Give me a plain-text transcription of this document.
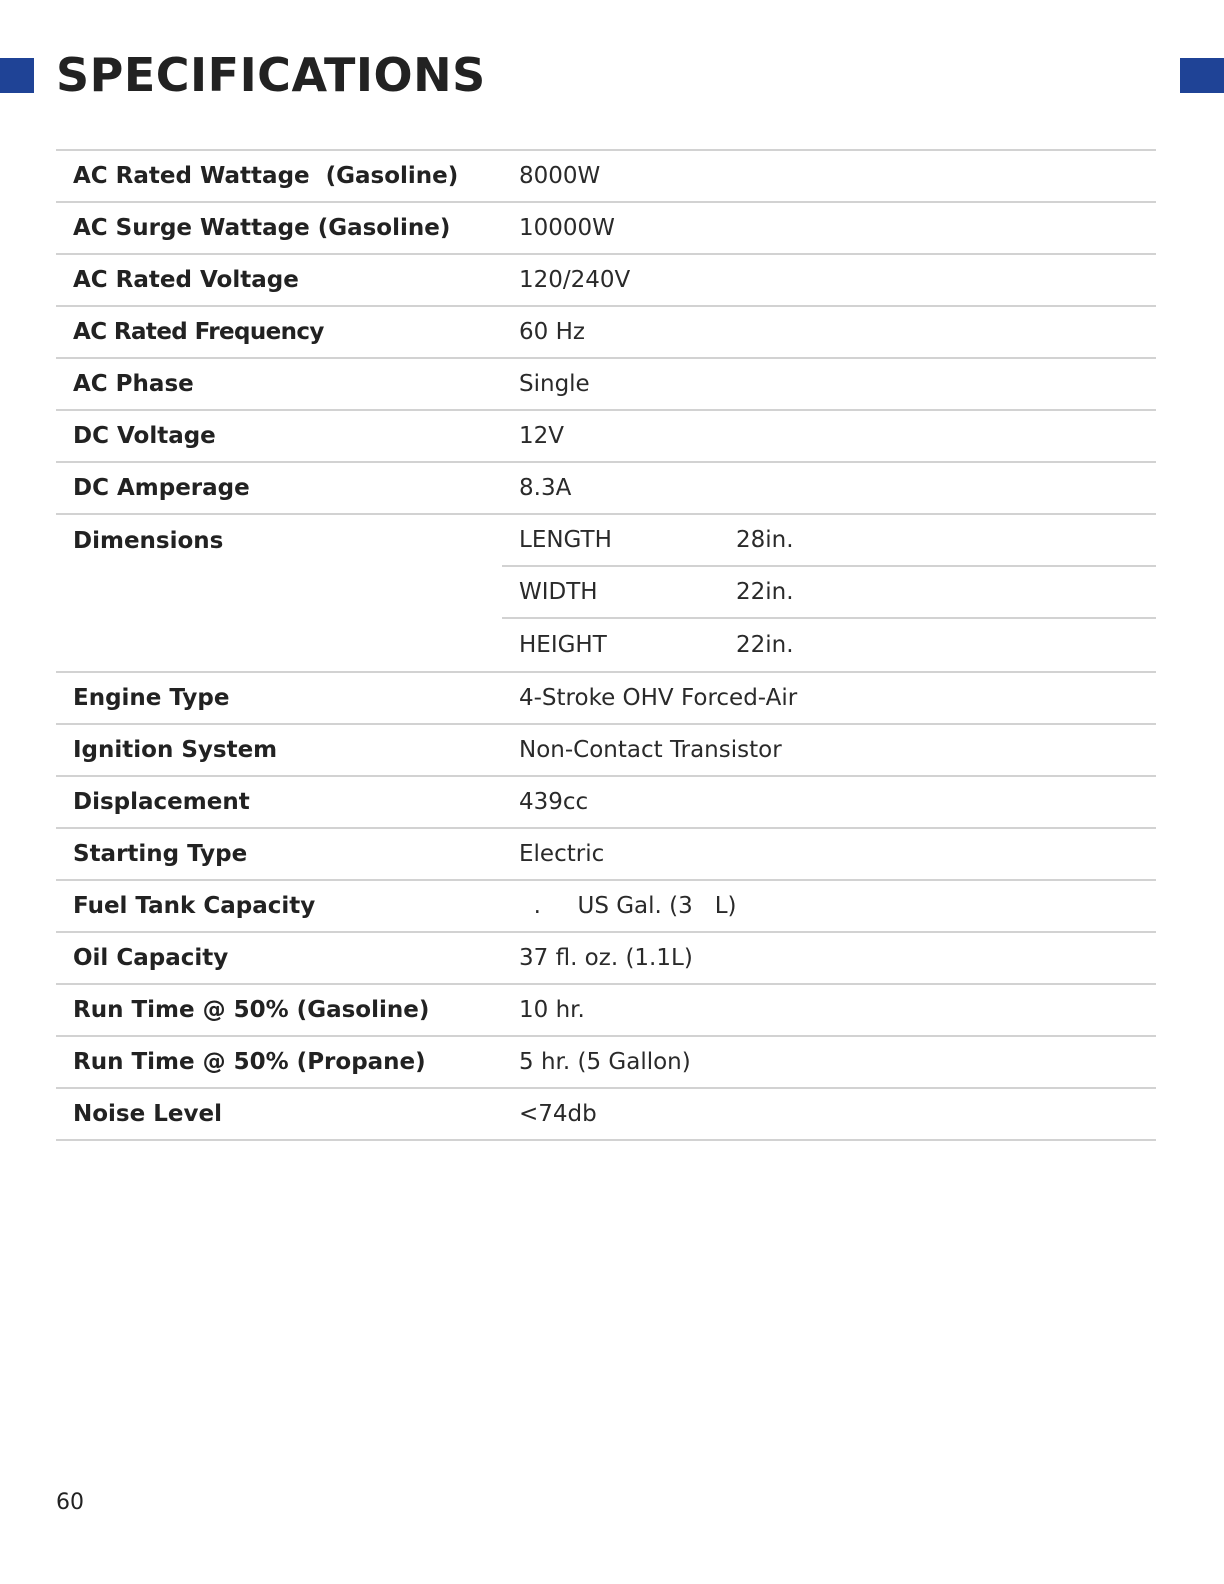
SPECIFICATIONS
AC Rated Wattage  (Gasoline)	8000W
AC Surge Wattage (Gasoline)	10000W
AC Rated Voltage	120/240V
AC Rated Frequency	60 Hz
AC Phase	Single
DC Voltage	12V
DC Amperage	8.3A
Dimensions	LENGTH	28in.
WIDTH	22in.
HEIGHT	22in.
Engine Type	4-Stroke OHV Forced-Air
Ignition System	Non-Contact Transistor
Displacement	439cc
Starting Type	Electric
Fuel Tank Capacity	.     US Gal. (3   L)
Oil Capacity	37 fl. oz. (1.1L)
Run Time @ 50% (Gasoline)	10 hr.
Run Time @ 50% (Propane)	5 hr. (5 Gallon)
Noise Level	<74db
60
